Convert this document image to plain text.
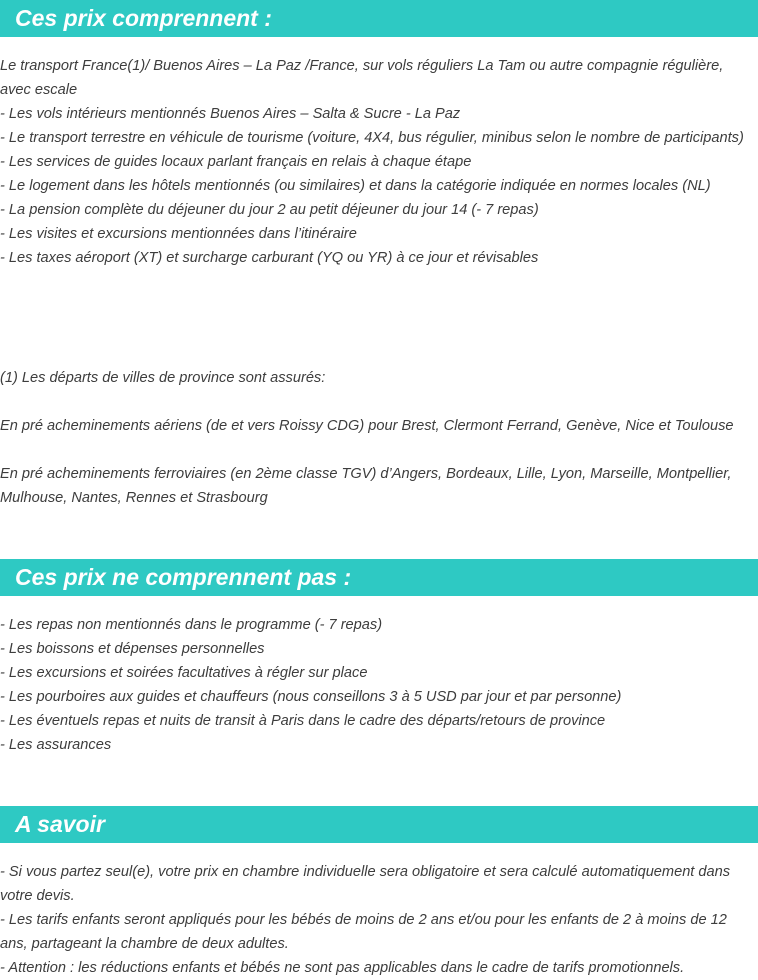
Ces prix comprennent :
Le transport France(1)/ Buenos Aires – La Paz /France, sur vols réguliers La Tam ou autre compagnie régulière, avec escale
- Les vols intérieurs mentionnés Buenos Aires – Salta & Sucre - La Paz
- Le transport terrestre en véhicule de tourisme (voiture, 4X4, bus régulier, minibus selon le nombre de participants)
- Les services de guides locaux parlant français en relais à chaque étape
- Le logement dans les hôtels mentionnés (ou similaires) et dans la catégorie indiquée en normes locales (NL)
- La pension complète du déjeuner du jour 2 au petit déjeuner du jour 14 (- 7 repas)
- Les visites et excursions mentionnées dans l’itinéraire
- Les taxes aéroport (XT) et surcharge carburant (YQ ou YR) à ce jour et révisables
(1) Les départs de villes de province sont assurés:
En pré acheminements aériens (de et vers Roissy CDG) pour Brest, Clermont Ferrand, Genève, Nice et Toulouse
En pré acheminements ferroviaires (en 2ème classe TGV) d’Angers, Bordeaux, Lille, Lyon, Marseille, Montpellier, Mulhouse, Nantes, Rennes et Strasbourg
Ces prix ne comprennent pas :
- Les repas non mentionnés dans le programme (- 7 repas)
- Les boissons et dépenses personnelles
- Les excursions et soirées facultatives à régler sur place
- Les pourboires aux guides et chauffeurs (nous conseillons 3 à 5 USD par jour et par personne)
- Les éventuels repas et nuits de transit à Paris dans le cadre des départs/retours de province
- Les assurances
A savoir
- Si vous partez seul(e), votre prix en chambre individuelle sera obligatoire et sera calculé automatiquement dans votre devis.
- Les tarifs enfants seront appliqués pour les bébés de moins de 2 ans et/ou pour les enfants de 2 à moins de 12 ans, partageant la chambre de deux adultes.
- Attention : les réductions enfants et bébés ne sont pas applicables dans le cadre de tarifs promotionnels.
